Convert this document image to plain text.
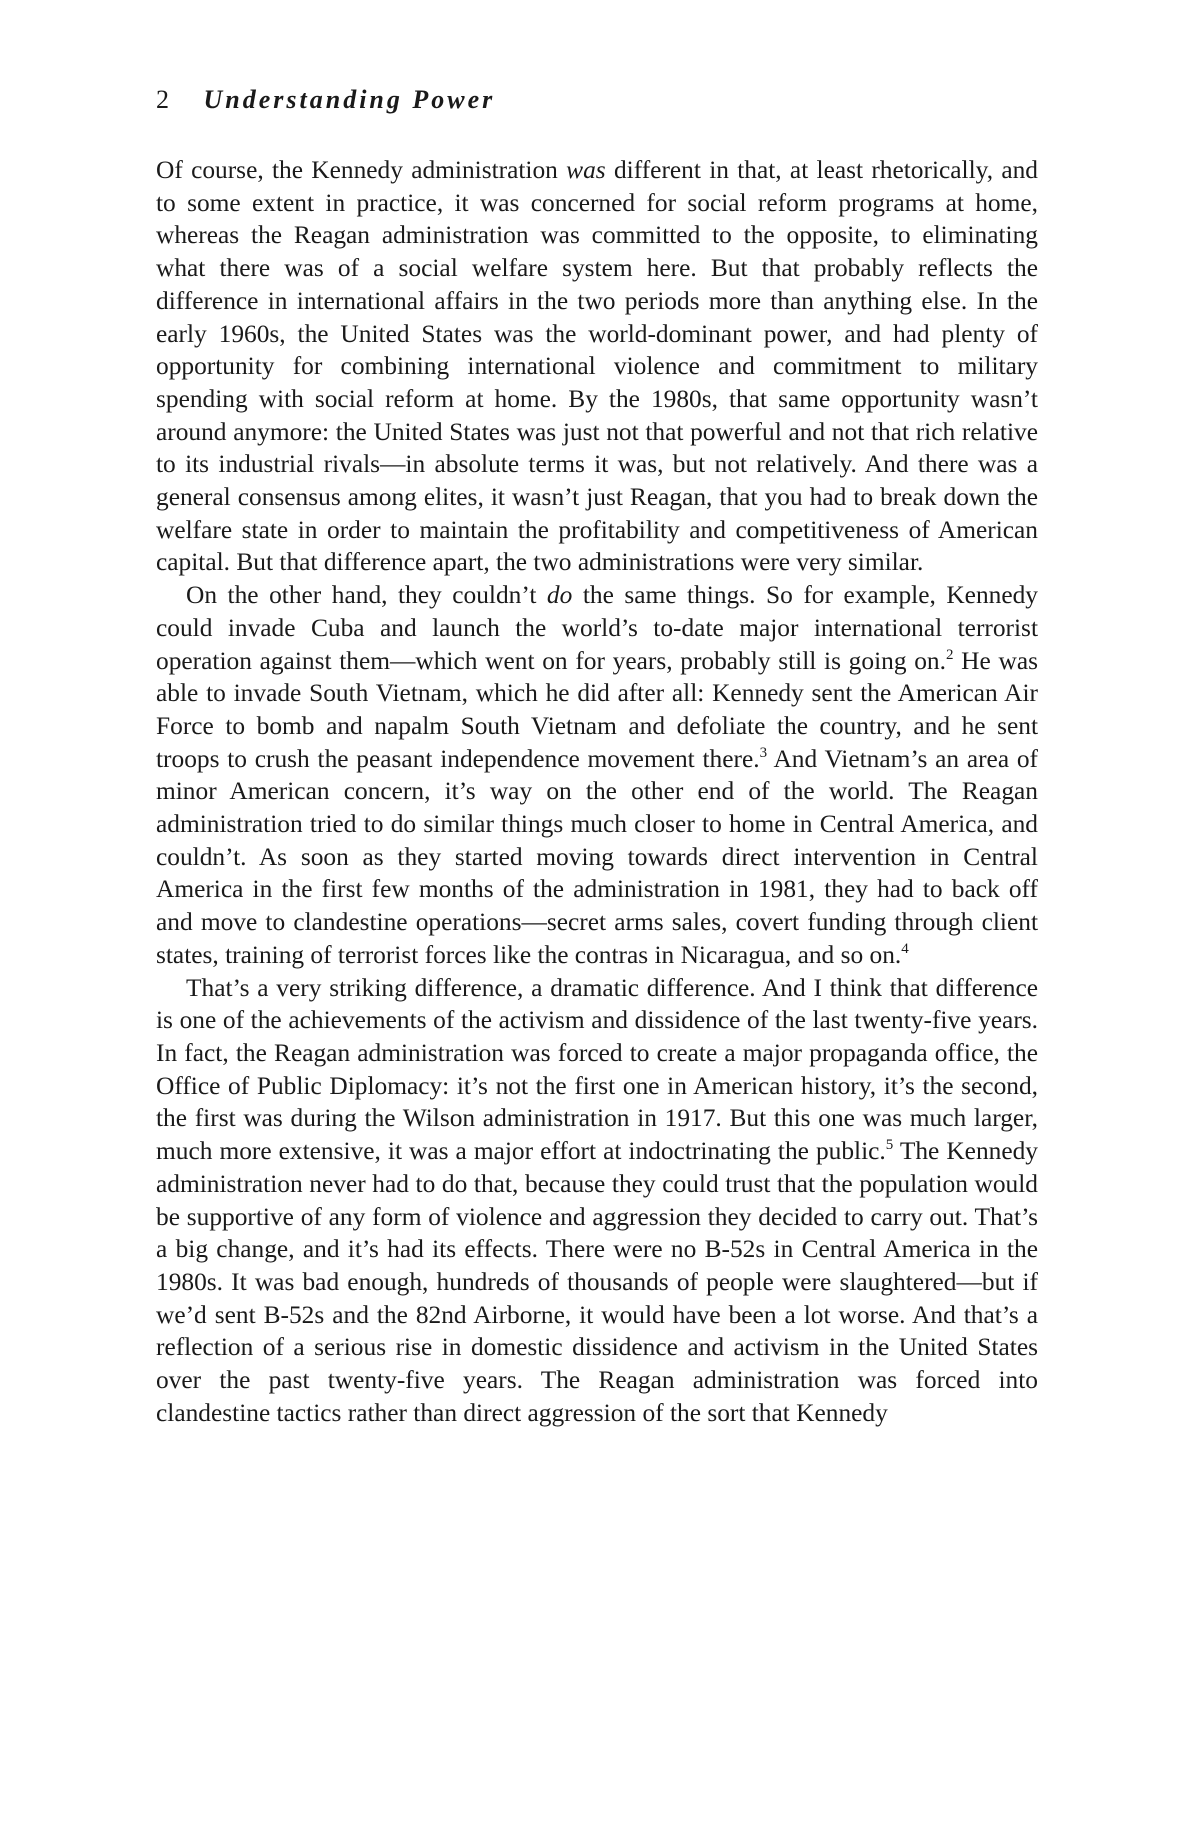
2 Understanding Power

Of course, the Kennedy administration was different in that, at least rhetorically, and to some extent in practice, it was concerned for social reform programs at home, whereas the Reagan administration was committed to the opposite, to eliminating what there was of a social welfare system here. But that probably reflects the difference in international affairs in the two periods more than anything else. In the early 1960s, the United States was the world-dominant power, and had plenty of opportunity for combining international violence and commitment to military spending with social reform at home. By the 1980s, that same opportunity wasn’t around anymore: the United States was just not that powerful and not that rich relative to its industrial rivals—in absolute terms it was, but not relatively. And there was a general consensus among elites, it wasn’t just Reagan, that you had to break down the welfare state in order to maintain the profitability and competitiveness of American capital. But that difference apart, the two administrations were very similar.

On the other hand, they couldn’t do the same things. So for example, Kennedy could invade Cuba and launch the world’s to-date major international terrorist operation against them—which went on for years, probably still is going on.$^2$ He was able to invade South Vietnam, which he did after all: Kennedy sent the American Air Force to bomb and napalm South Vietnam and defoliate the country, and he sent troops to crush the peasant independence movement there.$^3$ And Vietnam’s an area of minor American concern, it’s way on the other end of the world. The Reagan administration tried to do similar things much closer to home in Central America, and couldn’t. As soon as they started moving towards direct intervention in Central America in the first few months of the administration in 1981, they had to back off and move to clandestine operations—secret arms sales, covert funding through client states, training of terrorist forces like the contras in Nicaragua, and so on.$^4$

That’s a very striking difference, a dramatic difference. And I think that difference is one of the achievements of the activism and dissidence of the last twenty-five years. In fact, the Reagan administration was forced to create a major propaganda office, the Office of Public Diplomacy: it’s not the first one in American history, it’s the second, the first was during the Wilson administration in 1917. But this one was much larger, much more extensive, it was a major effort at indoctrinating the public.$^5$ The Kennedy administration never had to do that, because they could trust that the population would be supportive of any form of violence and aggression they decided to carry out. That’s a big change, and it’s had its effects. There were no B-52s in Central America in the 1980s. It was bad enough, hundreds of thousands of people were slaughtered—but if we’d sent B-52s and the 82nd Airborne, it would have been a lot worse. And that’s a reflection of a serious rise in domestic dissidence and activism in the United States over the past twenty-five years. The Reagan administration was forced into clandestine tactics rather than direct aggression of the sort that Kennedy
